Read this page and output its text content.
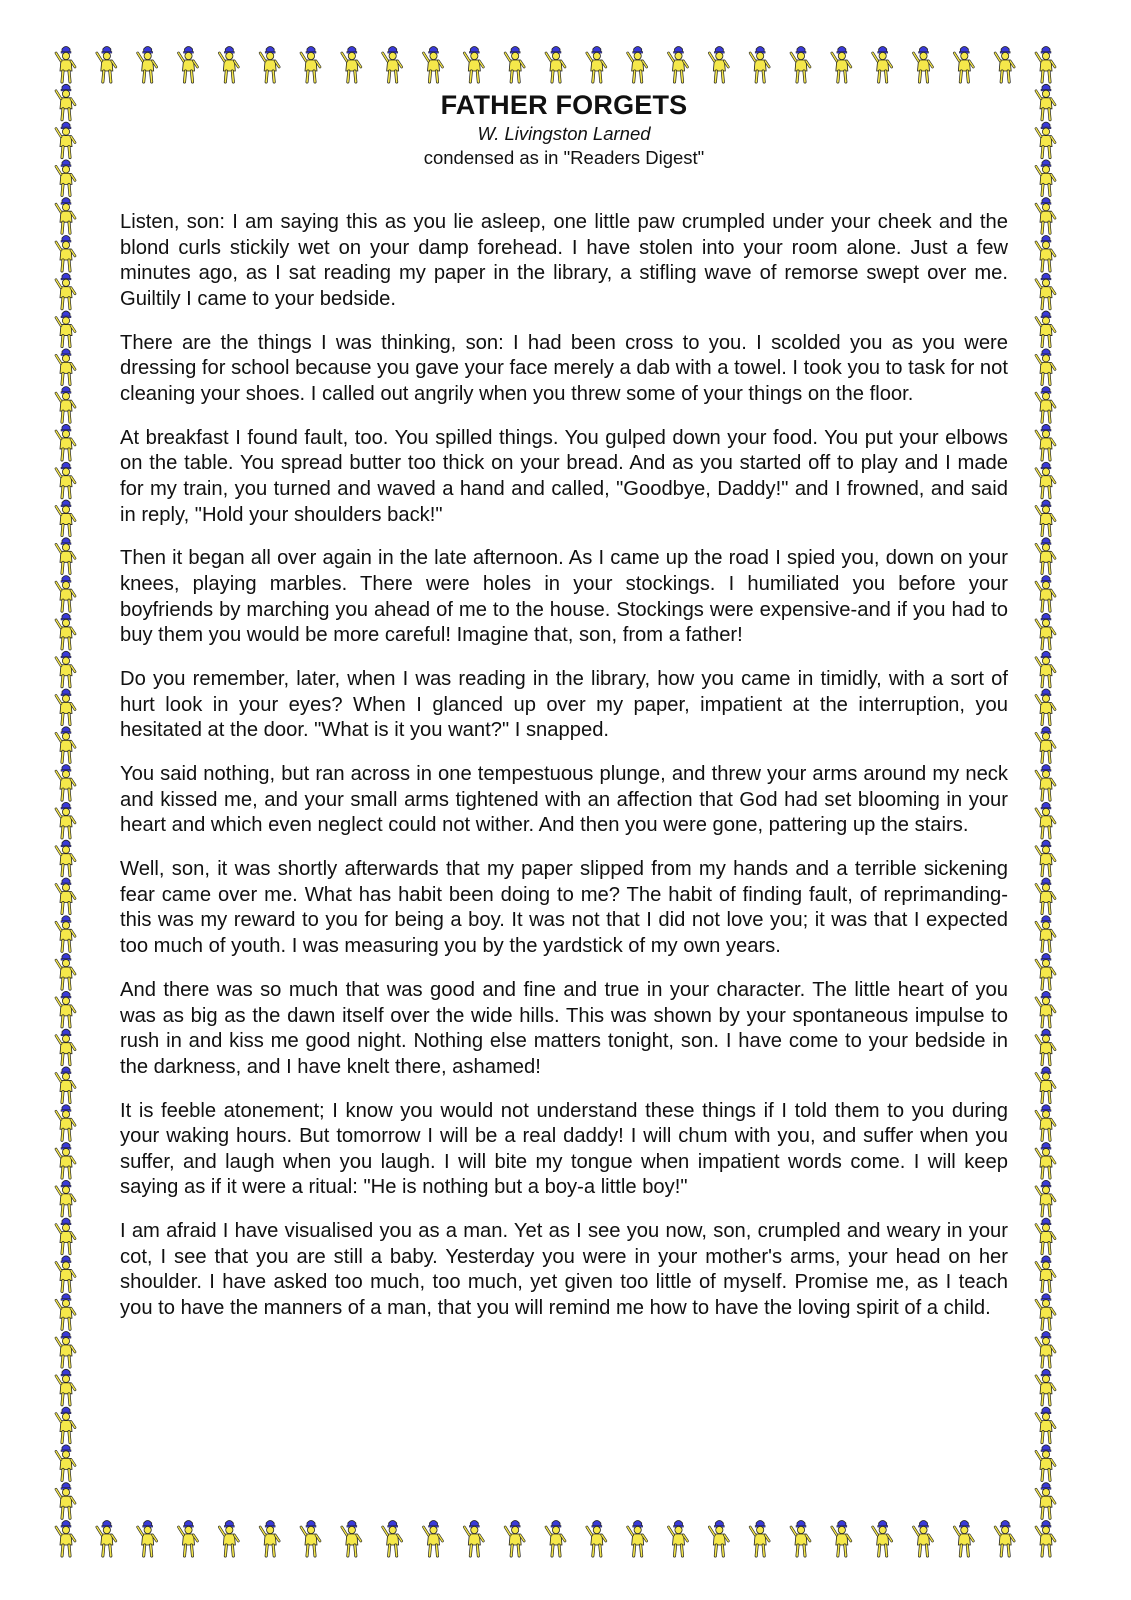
FATHER FORGETS

W. Livingston Larned

condensed as in "Readers Digest"

Listen, son: I am saying this as you lie asleep, one little paw crumpled under your cheek and the blond curls stickily wet on your damp forehead. I have stolen into your room alone. Just a few minutes ago, as I sat reading my paper in the library, a stifling wave of remorse swept over me. Guiltily I came to your bedside.

There are the things I was thinking, son: I had been cross to you. I scolded you as you were dressing for school because you gave your face merely a dab with a towel. I took you to task for not cleaning your shoes. I called out angrily when you threw some of your things on the floor.

At breakfast I found fault, too. You spilled things. You gulped down your food. You put your elbows on the table. You spread butter too thick on your bread. And as you started off to play and I made for my train, you turned and waved a hand and called, "Goodbye, Daddy!" and I frowned, and said in reply, "Hold your shoulders back!"

Then it began all over again in the late afternoon. As I came up the road I spied you, down on your knees, playing marbles. There were holes in your stockings. I humiliated you before your boyfriends by marching you ahead of me to the house. Stockings were expensive-and if you had to buy them you would be more careful! Imagine that, son, from a father!

Do you remember, later, when I was reading in the library, how you came in timidly, with a sort of hurt look in your eyes? When I glanced up over my paper, impatient at the interruption, you hesitated at the door. "What is it you want?" I snapped.

You said nothing, but ran across in one tempestuous plunge, and threw your arms around my neck and kissed me, and your small arms tightened with an affection that God had set blooming in your heart and which even neglect could not wither. And then you were gone, pattering up the stairs.

Well, son, it was shortly afterwards that my paper slipped from my hands and a terrible sickening fear came over me. What has habit been doing to me? The habit of finding fault, of reprimanding-this was my reward to you for being a boy. It was not that I did not love you; it was that I expected too much of youth. I was measuring you by the yardstick of my own years.

And there was so much that was good and fine and true in your character. The little heart of you was as big as the dawn itself over the wide hills. This was shown by your spontaneous impulse to rush in and kiss me good night. Nothing else matters tonight, son. I have come to your bedside in the darkness, and I have knelt there, ashamed!

It is feeble atonement; I know you would not understand these things if I told them to you during your waking hours. But tomorrow I will be a real daddy! I will chum with you, and suffer when you suffer, and laugh when you laugh. I will bite my tongue when impatient words come. I will keep saying as if it were a ritual: "He is nothing but a boy-a little boy!"

I am afraid I have visualised you as a man. Yet as I see you now, son, crumpled and weary in your cot, I see that you are still a baby. Yesterday you were in your mother's arms, your head on her shoulder. I have asked too much, too much, yet given too little of myself. Promise me, as I teach you to have the manners of a man, that you will remind me how to have the loving spirit of a child.
